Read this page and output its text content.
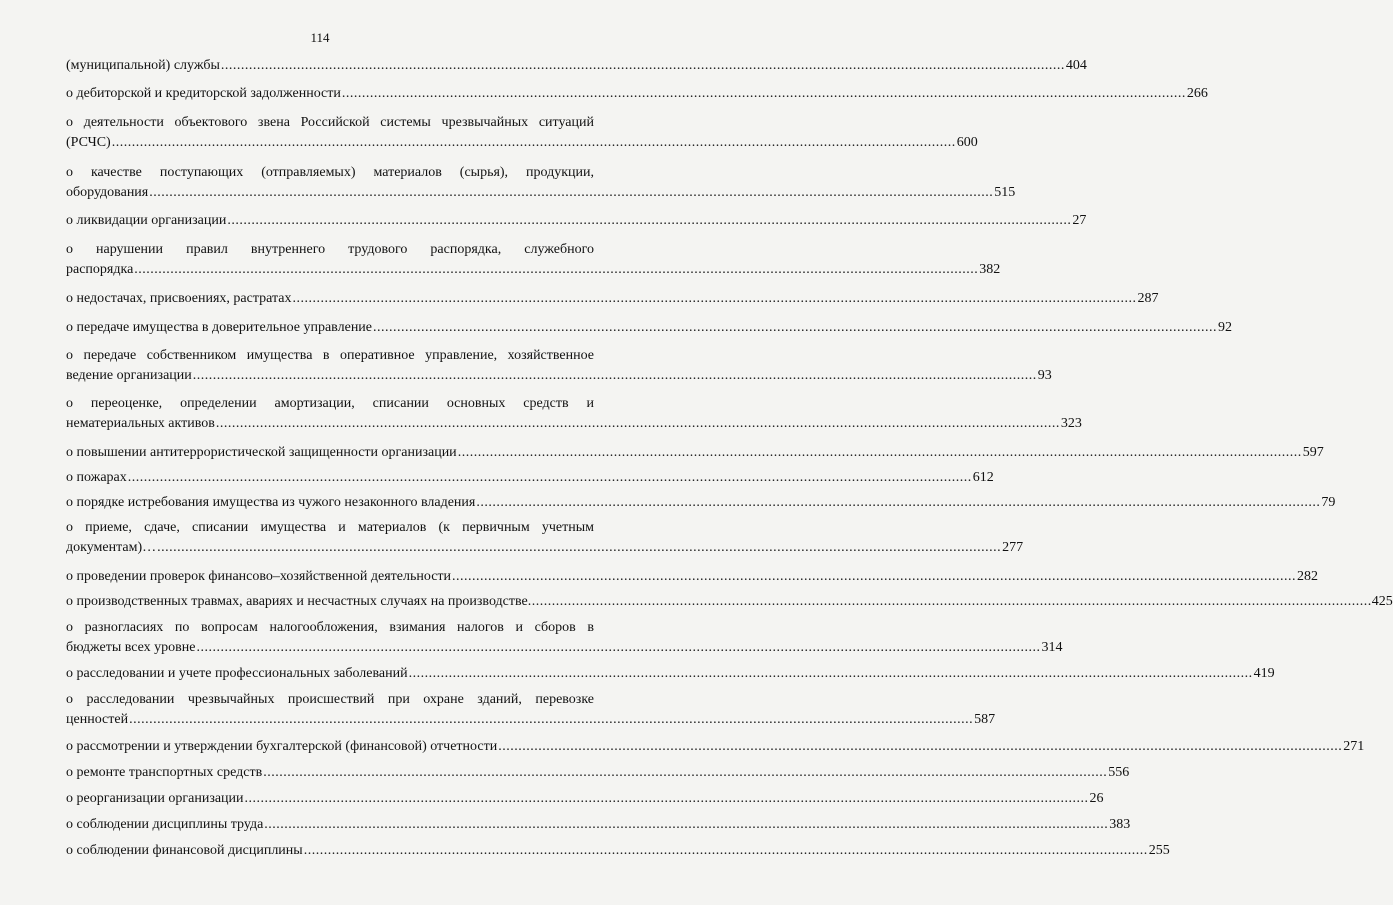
114
(муниципальной) службы .....	404
о дебиторской и кредиторской задолженности .....	266
о деятельности объектового звена Российской системы чрезвычайных ситуаций
(РСЧС) .....	600
о качестве поступающих (отправляемых) материалов (сырья), продукции,
оборудования .....	515
о ликвидации организации .....	27
о нарушении правил внутреннего трудового распорядка, служебного
распорядка .....	382
о недостачах, присвоениях, растратах .....	287
о передаче имущества в доверительное управление .....	92
о передаче собственником имущества в оперативное управление, хозяйственное
ведение организации .....	93
о переоценке, определении амортизации, списании основных средств и
нематериальных активов .....	323
о повышении антитеррористической защищенности организации .....	597
о пожарах .....	612
о порядке истребования имущества из чужого незаконного владения .....	79
о приеме, сдаче, списании имущества и материалов (к первичным учетным
документам)… .....	277
о проведении проверок финансово–хозяйственной деятельности .....	282
о производственных травмах, авариях и несчастных случаях на производстве .....	425
о разногласиях по вопросам налогообложения, взимания налогов и сборов в
бюджеты всех уровне .....	314
о расследовании и учете профессиональных заболеваний .....	419
о расследовании чрезвычайных происшествий при охране зданий, перевозке
ценностей .....	587
о рассмотрении и утверждении бухгалтерской (финансовой) отчетности .....	271
о ремонте транспортных средств .....	556
о реорганизации организации .....	26
о соблюдении дисциплины труда .....	383
о соблюдении финансовой дисциплины .....	255
